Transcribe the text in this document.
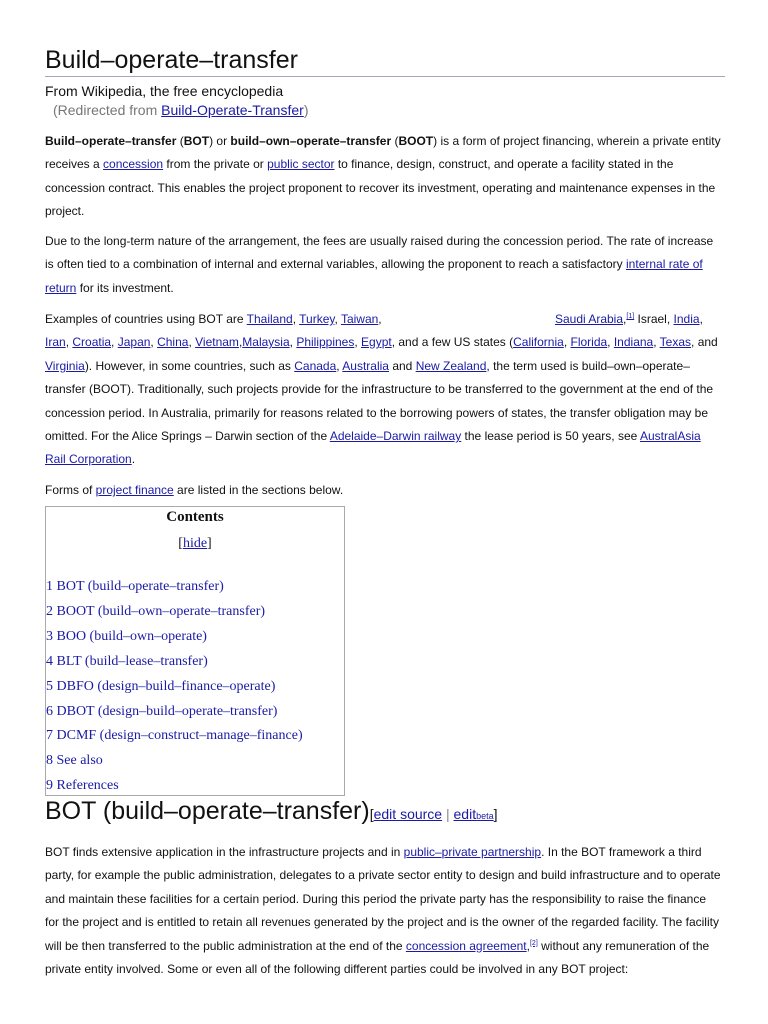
Build–operate–transfer
From Wikipedia, the free encyclopedia
(Redirected from Build-Operate-Transfer)
Build–operate–transfer (BOT) or build–own–operate–transfer (BOOT) is a form of project financing, wherein a private entity receives a concession from the private or public sector to finance, design, construct, and operate a facility stated in the concession contract. This enables the project proponent to recover its investment, operating and maintenance expenses in the project.
Due to the long-term nature of the arrangement, the fees are usually raised during the concession period. The rate of increase is often tied to a combination of internal and external variables, allowing the proponent to reach a satisfactory internal rate of return for its investment.
Examples of countries using BOT are Thailand, Turkey, Taiwan,	Saudi Arabia,[1] Israel, India, Iran, Croatia, Japan, China, Vietnam,Malaysia, Philippines, Egypt, and a few US states (California, Florida, Indiana, Texas, and Virginia). However, in some countries, such as Canada, Australia and New Zealand, the term used is build–own–operate–transfer (BOOT). Traditionally, such projects provide for the infrastructure to be transferred to the government at the end of the concession period. In Australia, primarily for reasons related to the borrowing powers of states, the transfer obligation may be omitted. For the Alice Springs – Darwin section of the Adelaide–Darwin railway the lease period is 50 years, see AustralAsia Rail Corporation.
Forms of project finance are listed in the sections below.
Contents
[hide]
1 BOT (build–operate–transfer)
2 BOOT (build–own–operate–transfer)
3 BOO (build–own–operate)
4 BLT (build–lease–transfer)
5 DBFO (design–build–finance–operate)
6 DBOT (design–build–operate–transfer)
7 DCMF (design–construct–manage–finance)
8 See also
9 References
BOT (build–operate–transfer)[edit source | editbeta]
BOT finds extensive application in the infrastructure projects and in public–private partnership. In the BOT framework a third party, for example the public administration, delegates to a private sector entity to design and build infrastructure and to operate and maintain these facilities for a certain period. During this period the private party has the responsibility to raise the finance for the project and is entitled to retain all revenues generated by the project and is the owner of the regarded facility. The facility will be then transferred to the public administration at the end of the concession agreement,[2] without any remuneration of the private entity involved. Some or even all of the following different parties could be involved in any BOT project:
